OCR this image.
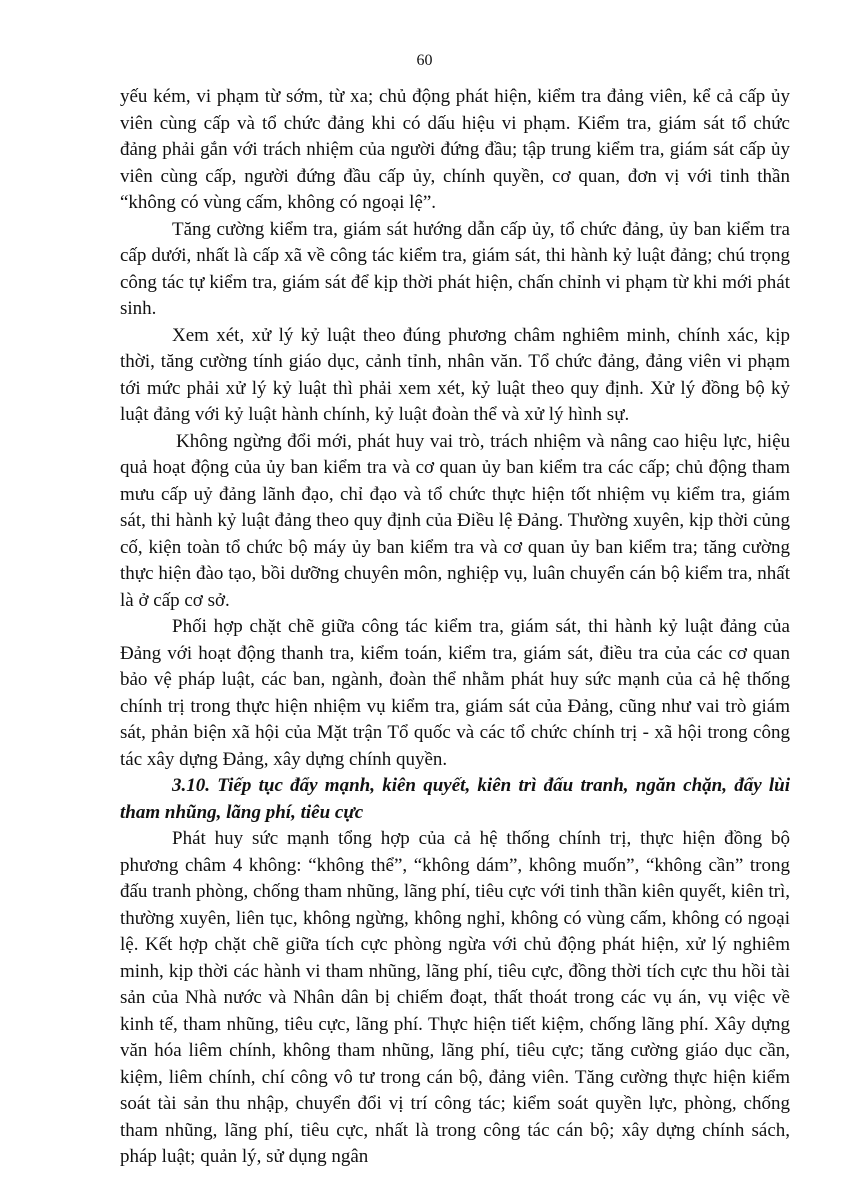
60

yếu kém, vi phạm từ sớm, từ xa; chủ động phát hiện, kiểm tra đảng viên, kể cả cấp ủy viên cùng cấp và tổ chức đảng khi có dấu hiệu vi phạm. Kiểm tra, giám sát tổ chức đảng phải gắn với trách nhiệm của người đứng đầu; tập trung kiểm tra, giám sát cấp ủy viên cùng cấp, người đứng đầu cấp ủy, chính quyền, cơ quan, đơn vị với tinh thần “không có vùng cấm, không có ngoại lệ”.

Tăng cường kiểm tra, giám sát hướng dẫn cấp ủy, tổ chức đảng, ủy ban kiểm tra cấp dưới, nhất là cấp xã về công tác kiểm tra, giám sát, thi hành kỷ luật đảng; chú trọng công tác tự kiểm tra, giám sát để kịp thời phát hiện, chấn chỉnh vi phạm từ khi mới phát sinh.

Xem xét, xử lý kỷ luật theo đúng phương châm nghiêm minh, chính xác, kịp thời, tăng cường tính giáo dục, cảnh tỉnh, nhân văn. Tổ chức đảng, đảng viên vi phạm tới mức phải xử lý kỷ luật thì phải xem xét, kỷ luật theo quy định. Xử lý đồng bộ kỷ luật đảng với kỷ luật hành chính, kỷ luật đoàn thể và xử lý hình sự.

Không ngừng đổi mới, phát huy vai trò, trách nhiệm và nâng cao hiệu lực, hiệu quả hoạt động của ủy ban kiểm tra và cơ quan ủy ban kiểm tra các cấp; chủ động tham mưu cấp uỷ đảng lãnh đạo, chỉ đạo và tổ chức thực hiện tốt nhiệm vụ kiểm tra, giám sát, thi hành kỷ luật đảng theo quy định của Điều lệ Đảng. Thường xuyên, kịp thời củng cố, kiện toàn tổ chức bộ máy ủy ban kiểm tra và cơ quan ủy ban kiểm tra; tăng cường thực hiện đào tạo, bồi dưỡng chuyên môn, nghiệp vụ, luân chuyển cán bộ kiểm tra, nhất là ở cấp cơ sở.

Phối hợp chặt chẽ giữa công tác kiểm tra, giám sát, thi hành kỷ luật đảng của Đảng với hoạt động thanh tra, kiểm toán, kiểm tra, giám sát, điều tra của các cơ quan bảo vệ pháp luật, các ban, ngành, đoàn thể nhằm phát huy sức mạnh của cả hệ thống chính trị trong thực hiện nhiệm vụ kiểm tra, giám sát của Đảng, cũng như vai trò giám sát, phản biện xã hội của Mặt trận Tổ quốc và các tổ chức chính trị - xã hội trong công tác xây dựng Đảng, xây dựng chính quyền.

3.10. Tiếp tục đẩy mạnh, kiên quyết, kiên trì đấu tranh, ngăn chặn, đẩy lùi tham nhũng, lãng phí, tiêu cực

Phát huy sức mạnh tổng hợp của cả hệ thống chính trị, thực hiện đồng bộ phương châm 4 không: “không thể”, “không dám”, không muốn”, “không cần” trong đấu tranh phòng, chống tham nhũng, lãng phí, tiêu cực với tinh thần kiên quyết, kiên trì, thường xuyên, liên tục, không ngừng, không nghỉ, không có vùng cấm, không có ngoại lệ. Kết hợp chặt chẽ giữa tích cực phòng ngừa với chủ động phát hiện, xử lý nghiêm minh, kịp thời các hành vi tham nhũng, lãng phí, tiêu cực, đồng thời tích cực thu hồi tài sản của Nhà nước và Nhân dân bị chiếm đoạt, thất thoát trong các vụ án, vụ việc về kinh tế, tham nhũng, tiêu cực, lãng phí. Thực hiện tiết kiệm, chống lãng phí. Xây dựng văn hóa liêm chính, không tham nhũng, lãng phí, tiêu cực; tăng cường giáo dục cần, kiệm, liêm chính, chí công vô tư trong cán bộ, đảng viên. Tăng cường thực hiện kiểm soát tài sản thu nhập, chuyển đổi vị trí công tác; kiểm soát quyền lực, phòng, chống tham nhũng, lãng phí, tiêu cực, nhất là trong công tác cán bộ; xây dựng chính sách, pháp luật; quản lý, sử dụng ngân
